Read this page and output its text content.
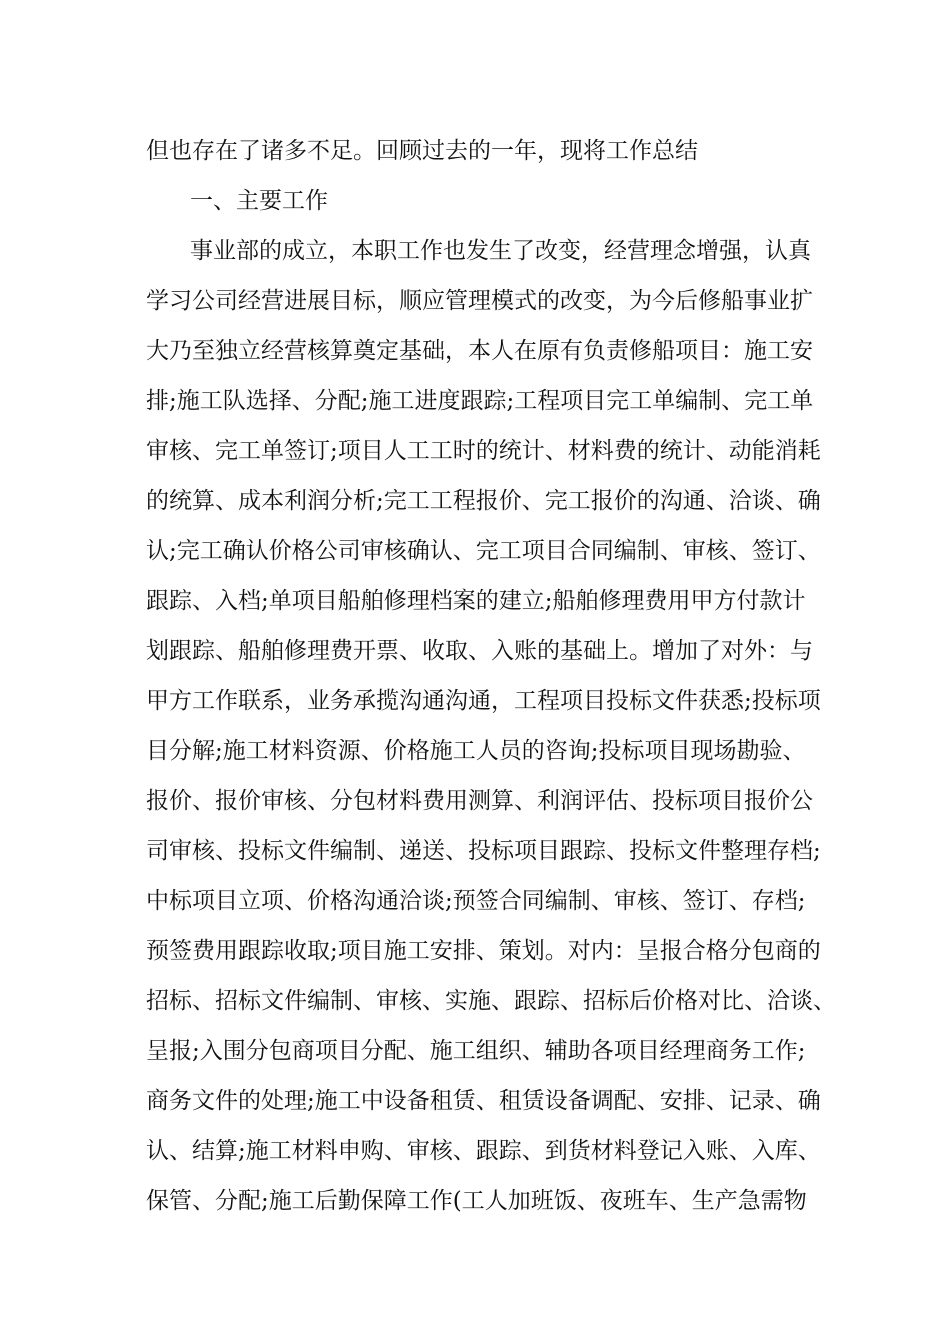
但也存在了诸多不足。回顾过去的一年，现将工作总结
一、主要工作
事业部的成立，本职工作也发生了改变，经营理念增强，认真
学习公司经营进展目标，顺应管理模式的改变，为今后修船事业扩
大乃至独立经营核算奠定基础，本人在原有负责修船项目：施工安
排;施工队选择、分配;施工进度跟踪;工程项目完工单编制、完工单
审核、完工单签订;项目人工工时的统计、材料费的统计、动能消耗
的统算、成本利润分析;完工工程报价、完工报价的沟通、洽谈、确
认;完工确认价格公司审核确认、完工项目合同编制、审核、签订、
跟踪、入档;单项目船舶修理档案的建立;船舶修理费用甲方付款计
划跟踪、船舶修理费开票、收取、入账的基础上。增加了对外：与
甲方工作联系，业务承揽沟通沟通，工程项目投标文件获悉;投标项
目分解;施工材料资源、价格施工人员的咨询;投标项目现场勘验、
报价、报价审核、分包材料费用测算、利润评估、投标项目报价公
司审核、投标文件编制、递送、投标项目跟踪、投标文件整理存档;
中标项目立项、价格沟通洽谈;预签合同编制、审核、签订、存档;
预签费用跟踪收取;项目施工安排、策划。对内：呈报合格分包商的
招标、招标文件编制、审核、实施、跟踪、招标后价格对比、洽谈、
呈报;入围分包商项目分配、施工组织、辅助各项目经理商务工作;
商务文件的处理;施工中设备租赁、租赁设备调配、安排、记录、确
认、结算;施工材料申购、审核、跟踪、到货材料登记入账、入库、
保管、分配;施工后勤保障工作(工人加班饭、夜班车、生产急需物
